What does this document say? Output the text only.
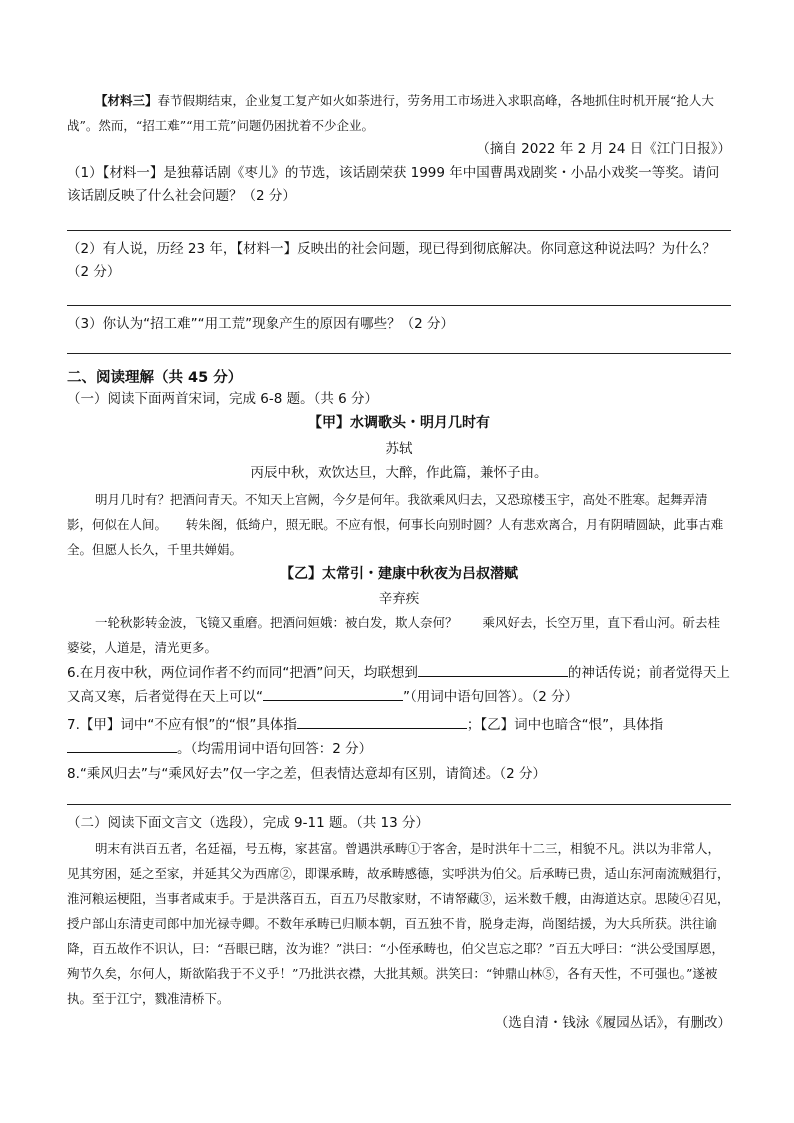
【材料三】春节假期结束，企业复工复产如火如荼进行，劳务用工市场进入求职高峰，各地抓住时机开展“抢人大战”。然而，“招工难”“用工荒”问题仍困扰着不少企业。
（摘自 2022 年 2 月 24 日《江门日报》）
（1）【材料一】是独幕话剧《枣儿》的节选，该话剧荣获 1999 年中国曹禺戏剧奖・小品小戏奖一等奖。请问该话剧反映了什么社会问题？（2 分）
（2）有人说，历经 23 年，【材料一】反映出的社会问题，现已得到彻底解决。你同意这种说法吗？为什么？（2 分）
（3）你认为“招工难”“用工荒”现象产生的原因有哪些？（2 分）
二、阅读理解（共 45 分）
（一）阅读下面两首宋词，完成 6-8 题。（共 6 分）
【甲】水调歌头・明月几时有
苏轼
丙辰中秋，欢饮达旦，大醉，作此篇，兼怀子由。
明月几时有？把酒问青天。不知天上宫阙，今夕是何年。我欲乘风归去，又恐琼楼玉宇，高处不胜寒。起舞弄清影，何似在人间。　　转朱阁，低绮户，照无眠。不应有恨，何事长向别时圆？人有悲欢离合，月有阴晴圆缺，此事古难全。但愿人长久，千里共婵娟。
【乙】太常引・建康中秋夜为吕叔潜赋
辛弃疾
一轮秋影转金波，飞镜又重磨。把酒问姮娥：被白发，欺人奈何？　　乘风好去，长空万里，直下看山河。斫去桂婆娑，人道是，清光更多。
6.在月夜中秋，两位词作者不约而同“把酒”问天，均联想到	的神话传说；前者觉得天上又高又寒，后者觉得在天上可以“	”（用词中语句回答）。（2 分）
7.【甲】词中“不应有恨”的“恨”具体指	；【乙】词中也暗含“恨”，具体指。（均需用词中语句回答：2 分）
8.“乘风归去”与“乘风好去”仅一字之差，但表情达意却有区别，请简述。（2 分）
（二）阅读下面文言文（选段），完成 9-11 题。（共 13 分）
明末有洪百五者，名廷福，号五梅，家甚富。曾遇洪承畴①于客舍，是时洪年十二三，相貌不凡。洪以为非常人，见其穷困，延之至家，并延其父为西席②，即课承畴，故承畴感德，实呼洪为伯父。后承畴已贵，适山东河南流贼猖行，淮河粮运梗阻，当事者咸束手。于是洪落百五，百五乃尽散家财，不请帑藏③，运米数千艘，由海道达京。思陵④召见，授户部山东清吏司郎中加光禄寺卿。不数年承畴已归顺本朝，百五独不肯，脱身走海，尚图结援，为大兵所获。洪往谕降，百五故作不识认，曰：“吾眼已瞎，汝为谁？”洪曰：“小侄承畴也，伯父岂忘之耶？”百五大呼曰：“洪公受国厚恩，殉节久矣，尔何人，斯欲陷我于不义乎！”乃批洪衣襟，大批其颊。洪笑曰：“钟鼎山林⑤，各有天性，不可强也。”遂被执。至于江宁，戮准清桥下。
（选自清・钱泳《履园丛话》，有删改）
